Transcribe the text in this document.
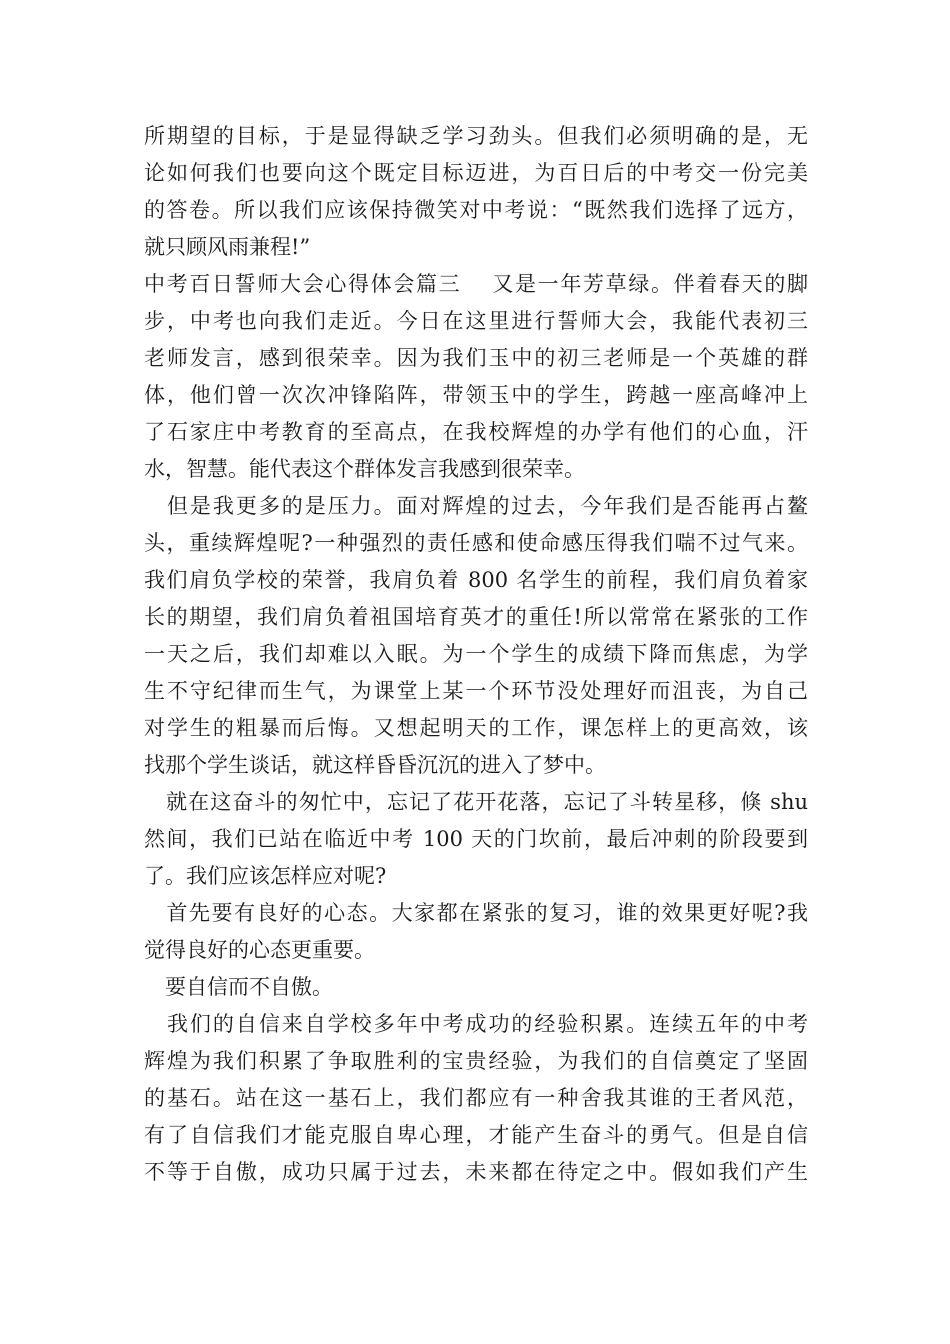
所期望的目标，于是显得缺乏学习劲头。但我们必须明确的是，无
论如何我们也要向这个既定目标迈进，为百日后的中考交一份完美
的答卷。所以我们应该保持微笑对中考说：“既然我们选择了远方，
就只顾风雨兼程!”
中考百日誓师大会心得体会篇三　 又是一年芳草绿。伴着春天的脚
步，中考也向我们走近。今日在这里进行誓师大会，我能代表初三
老师发言，感到很荣幸。因为我们玉中的初三老师是一个英雄的群
体，他们曾一次次冲锋陷阵，带领玉中的学生，跨越一座高峰冲上
了石家庄中考教育的至高点，在我校辉煌的办学有他们的心血，汗
水，智慧。能代表这个群体发言我感到很荣幸。
　但是我更多的是压力。面对辉煌的过去，今年我们是否能再占鳌
头，重续辉煌呢?一种强烈的责任感和使命感压得我们喘不过气来。
我们肩负学校的荣誉，我肩负着 800 名学生的前程，我们肩负着家
长的期望，我们肩负着祖国培育英才的重任!所以常常在紧张的工作
一天之后，我们却难以入眠。为一个学生的成绩下降而焦虑，为学
生不守纪律而生气，为课堂上某一个环节没处理好而沮丧，为自己
对学生的粗暴而后悔。又想起明天的工作，课怎样上的更高效，该
找那个学生谈话，就这样昏昏沉沉的进入了梦中。
　就在这奋斗的匆忙中，忘记了花开花落，忘记了斗转星移，倏 shu
然间，我们已站在临近中考 100 天的门坎前，最后冲刺的阶段要到
了。我们应该怎样应对呢?
　首先要有良好的心态。大家都在紧张的复习，谁的效果更好呢?我
觉得良好的心态更重要。
　要自信而不自傲。
　我们的自信来自学校多年中考成功的经验积累。连续五年的中考
辉煌为我们积累了争取胜利的宝贵经验，为我们的自信奠定了坚固
的基石。站在这一基石上，我们都应有一种舍我其谁的王者风范，
有了自信我们才能克服自卑心理，才能产生奋斗的勇气。但是自信
不等于自傲，成功只属于过去，未来都在待定之中。假如我们产生
